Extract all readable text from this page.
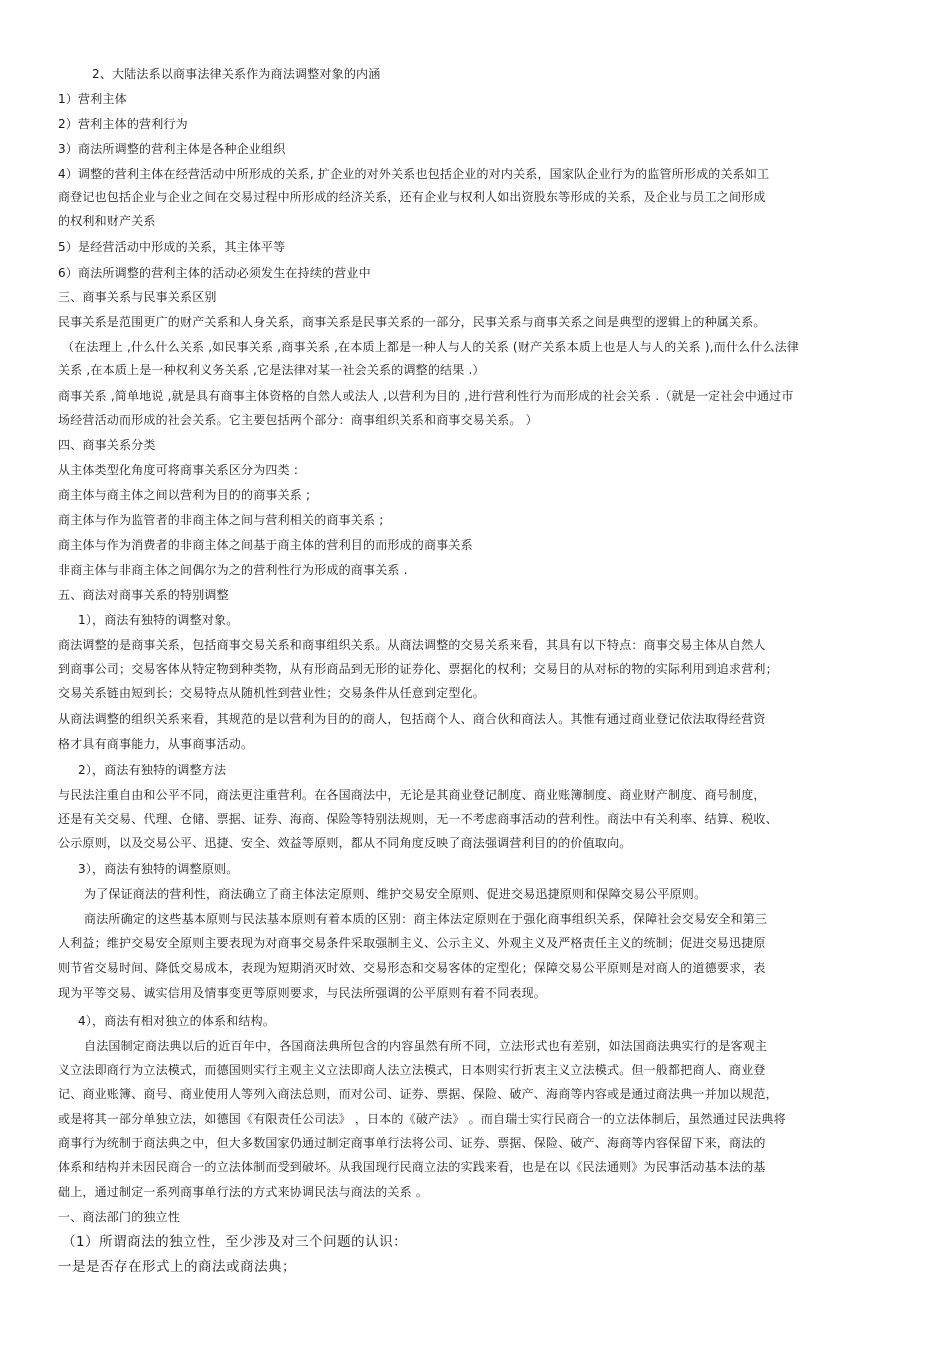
2、大陆法系以商事法律关系作为商法调整对象的内涵
1）营利主体
2）营利主体的营利行为
3）商法所调整的营利主体是各种企业组织
4）调整的营利主体在经营活动中所形成的关系, 扩企业的对外关系也包括企业的对内关系，国家队企业行为的监管所形成的关系如工
商登记也包括企业与企业之间在交易过程中所形成的经济关系，还有企业与权利人如出资股东等形成的关系，及企业与员工之间形成
的权利和财产关系
5）是经营活动中形成的关系，其主体平等
6）商法所调整的营利主体的活动必须发生在持续的营业中
三、商事关系与民事关系区别
民事关系是范围更广的财产关系和人身关系，商事关系是民事关系的一部分，民事关系与商事关系之间是典型的逻辑上的种属关系。
（在法理上 ,什么什么关系 ,如民事关系 ,商事关系 ,在本质上都是一种人与人的关系 (财产关系本质上也是人与人的关系 ),而什么什么法律
关系 ,在本质上是一种权利义务关系 ,它是法律对某一社会关系的调整的结果 .）
商事关系 ,简单地说 ,就是具有商事主体资格的自然人或法人 ,以营利为目的 ,进行营利性行为而形成的社会关系 .（就是一定社会中通过市
场经营活动而形成的社会关系。它主要包括两个部分：商事组织关系和商事交易关系。 ）
四、商事关系分类
从主体类型化角度可将商事关系区分为四类 :
商主体与商主体之间以营利为目的的商事关系 ;
商主体与作为监管者的非商主体之间与营利相关的商事关系 ;
商主体与作为消费者的非商主体之间基于商主体的营利目的而形成的商事关系
非商主体与非商主体之间偶尔为之的营利性行为形成的商事关系 .
五、商法对商事关系的特别调整
1），商法有独特的调整对象。
商法调整的是商事关系，包括商事交易关系和商事组织关系。从商法调整的交易关系来看，其具有以下特点：商事交易主体从自然人
到商事公司；交易客体从特定物到种类物，从有形商品到无形的证券化、票据化的权利；交易目的从对标的物的实际利用到追求营利；
交易关系链由短到长；交易特点从随机性到营业性；交易条件从任意到定型化。
从商法调整的组织关系来看，其规范的是以营利为目的的商人，包括商个人、商合伙和商法人。其惟有通过商业登记依法取得经营资
格才具有商事能力，从事商事活动。
2），商法有独特的调整方法
与民法注重自由和公平不同，商法更注重营利。在各国商法中，无论是其商业登记制度、商业账簿制度、商业财产制度、商号制度，
还是有关交易、代理、仓储、票据、证券、海商、保险等特别法规则，无一不考虑商事活动的营利性。商法中有关利率、结算、税收、
公示原则，以及交易公平、迅捷、安全、效益等原则，都从不同角度反映了商法强调营利目的的价值取向。
3），商法有独特的调整原则。
为了保证商法的营利性，商法确立了商主体法定原则、维护交易安全原则、促进交易迅捷原则和保障交易公平原则。
商法所确定的这些基本原则与民法基本原则有着本质的区别：商主体法定原则在于强化商事组织关系，保障社会交易安全和第三
人利益；维护交易安全原则主要表现为对商事交易条件采取强制主义、公示主义、外观主义及严格责任主义的统制；促进交易迅捷原
则节省交易时间、降低交易成本，表现为短期消灭时效、交易形态和交易客体的定型化；保障交易公平原则是对商人的道德要求，表
现为平等交易、诚实信用及情事变更等原则要求，与民法所强调的公平原则有着不同表现。
4），商法有相对独立的体系和结构。
自法国制定商法典以后的近百年中，各国商法典所包含的内容虽然有所不同，立法形式也有差别，如法国商法典实行的是客观主
义立法即商行为立法模式，而德国则实行主观主义立法即商人法立法模式，日本则实行折衷主义立法模式。但一般都把商人、商业登
记、商业账簿、商号、商业使用人等列入商法总则，而对公司、证券、票据、保险、破产、海商等内容或是通过商法典一并加以规范，
或是将其一部分单独立法，如德国《有限责任公司法》 ，日本的《破产法》 。而自瑞士实行民商合一的立法体制后，虽然通过民法典将
商事行为统制于商法典之中，但大多数国家仍通过制定商事单行法将公司、证券、票据、保险、破产、海商等内容保留下来，商法的
体系和结构并未因民商合一的立法体制而受到破坏。从我国现行民商立法的实践来看，也是在以《民法通则》为民事活动基本法的基
础上，通过制定一系列商事单行法的方式来协调民法与商法的关系 。
一、商法部门的独立性
（1）所谓商法的独立性，至少涉及对三个问题的认识：
一是是否存在形式上的商法或商法典；
